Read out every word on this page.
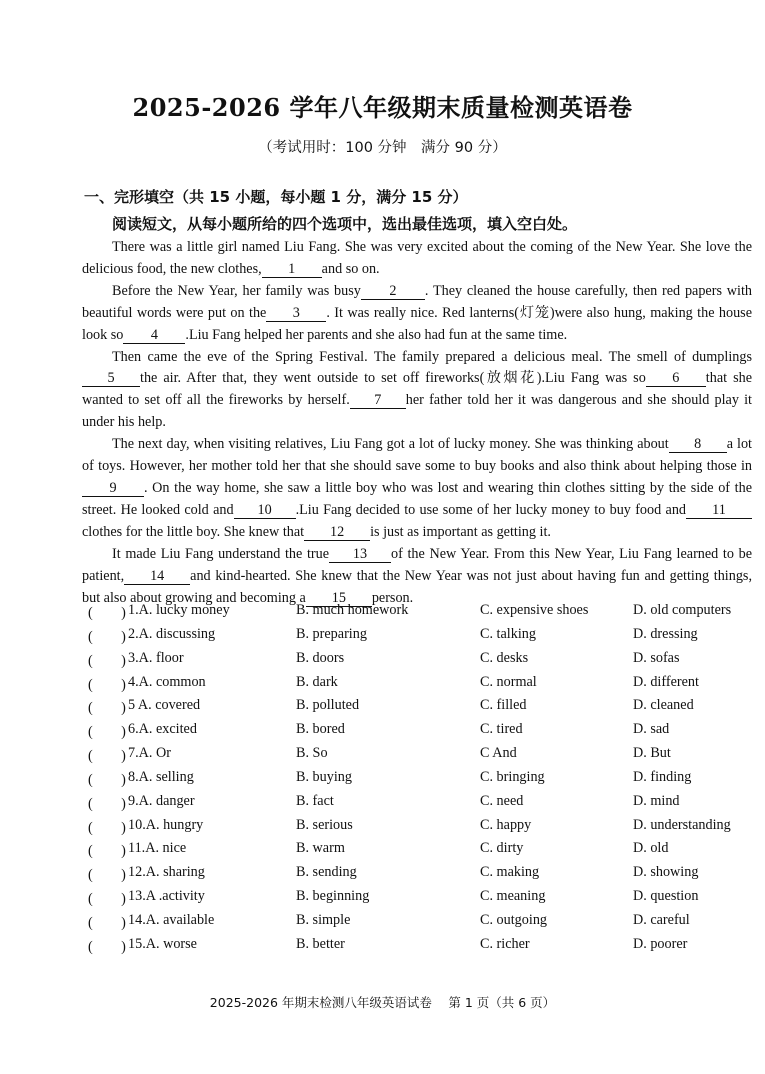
2025-2026 学年八年级期末质量检测英语卷
（考试用时：100 分钟　满分 90 分）
一、完形填空（共 15 小题，每小题 1 分，满分 15 分）
阅读短文，从每小题所给的四个选项中，选出最佳选项，填入空白处。

There was a little girl named Liu Fang. She was very excited about the coming of the New Year. She love the delicious food, the new clothes, 1 and so on.

Before the New Year, her family was busy 2 . They cleaned the house carefully, then red papers with beautiful words were put on the 3 . It was really nice. Red lanterns(灯笼)were also hung, making the house look so 4 .Liu Fang helped her parents and she also had fun at the same time.

Then came the eve of the Spring Festival. The family prepared a delicious meal. The smell of dumplings 5 the air. After that, they went outside to set off fireworks(放烟花).Liu Fang was so 6 that she wanted to set off all the fireworks by herself. 7 her father told her it was dangerous and she should play it under his help.

The next day, when visiting relatives, Liu Fang got a lot of lucky money. She was thinking about 8 a lot of toys. However, her mother told her that she should save some to buy books and also think about helping those in9 . On the way home, she saw a little boy who was lost and wearing thin clothes sitting by the side of the street. He looked cold and 10 .Liu Fang decided to use some of her lucky money to buy food and 11clothes for the little boy. She knew that 12 is just as important as getting it.

It made Liu Fang understand the true 13 of the New Year. From this New Year, Liu Fang learned to be patient, 14 and kind-hearted. She knew that the New Year was not just about having fun and getting things, but also about growing and becoming a 15 person.

(　　) 1.A. lucky money	B. much homework	C. expensive shoes	D. old computers
(　　) 2.A. discussing	B. preparing	C. talking	D. dressing
(　　) 3.A. floor	B. doors	C. desks	D. sofas
(　　) 4.A. common	B. dark	C. normal	D. different
(　　) 5 A. covered	B. polluted	C. filled	D. cleaned
(　　) 6.A. excited	B. bored	C. tired	D. sad
(　　) 7.A. Or	B. So	C And	D. But
(　　) 8.A. selling	B. buying	C. bringing	D. finding
(　　) 9.A. danger	B. fact	C. need	D. mind
(　　) 10.A. hungry	B. serious	C. happy	D. understanding
(　　) 11.A. nice	B. warm	C. dirty	D. old
(　　) 12.A. sharing	B. sending	C. making	D. showing
(　　) 13.A .activity	B. beginning	C. meaning	D. question
(　　) 14.A. available	B. simple	C. outgoing	D. careful
(　　) 15.A. worse	B. better	C. richer	D. poorer
2025-2026 年期末检测八年级英语试卷　 第 1 页（共 6 页）
